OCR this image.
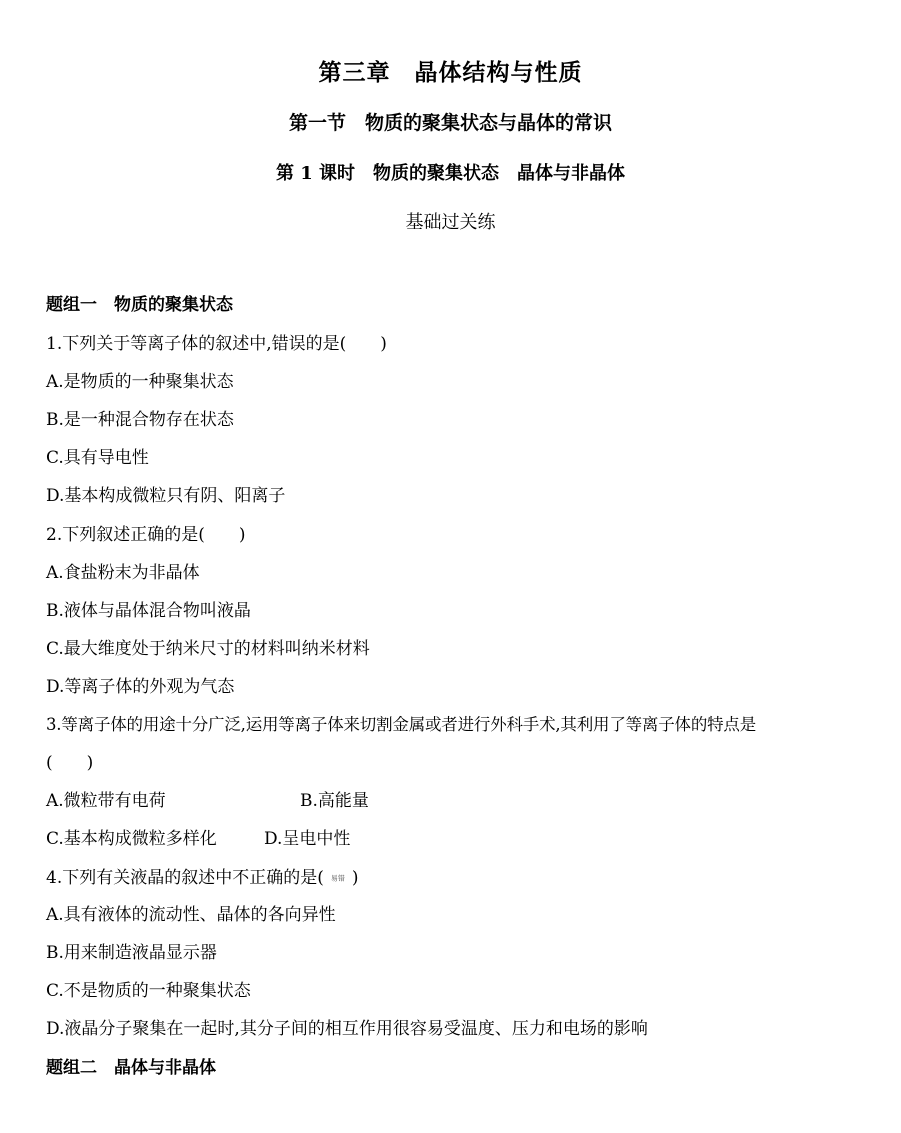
第三章　晶体结构与性质
第一节　物质的聚集状态与晶体的常识
第 1 课时　物质的聚集状态　晶体与非晶体
基础过关练
题组一　物质的聚集状态
1.下列关于等离子体的叙述中,错误的是( )
A.是物质的一种聚集状态
B.是一种混合物存在状态
C.具有导电性
D.基本构成微粒只有阴、阳离子
2.下列叙述正确的是( )
A.食盐粉末为非晶体
B.液体与晶体混合物叫液晶
C.最大维度处于纳米尺寸的材料叫纳米材料
D.等离子体的外观为气态
3.等离子体的用途十分广泛,运用等离子体来切割金属或者进行外科手术,其利用了等离子体的特点是
( )
A.微粒带有电荷	B.高能量
C.基本构成微粒多样化	D.呈电中性
4.下列有关液晶的叙述中不正确的是( 易错 )
A.具有液体的流动性、晶体的各向异性
B.用来制造液晶显示器
C.不是物质的一种聚集状态
D.液晶分子聚集在一起时,其分子间的相互作用很容易受温度、压力和电场的影响
题组二　晶体与非晶体
